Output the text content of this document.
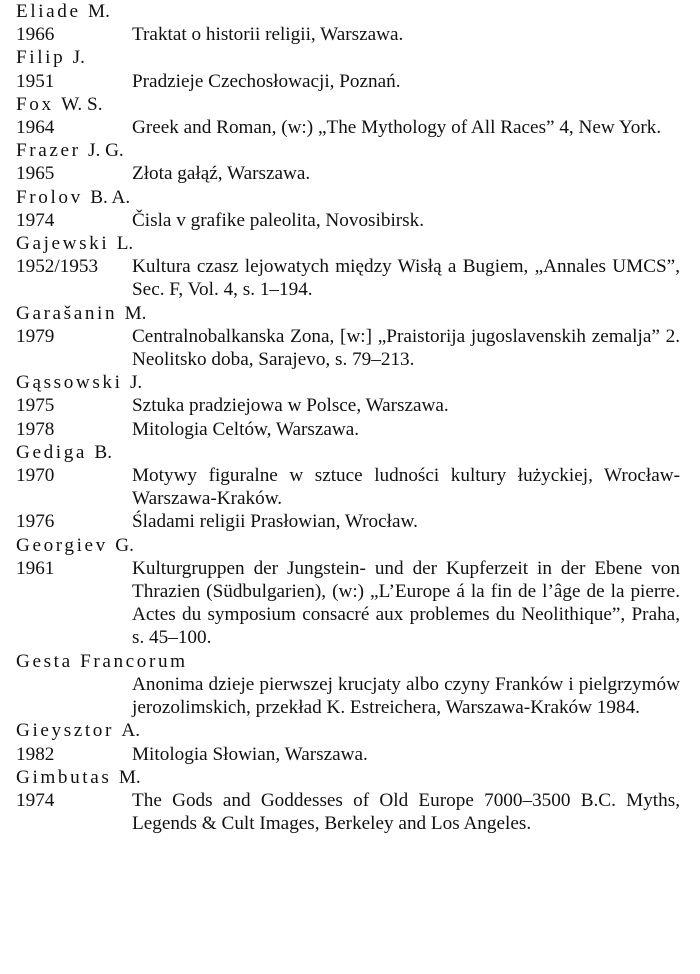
Eliade M.
1966	Traktat o historii religii, Warszawa.
Filip J.
1951	Pradzieje Czechosłowacji, Poznań.
Fox W. S.
1964	Greek and Roman, (w:) „The Mythology of All Races” 4, New York.
Frazer J. G.
1965	Złota gałąź, Warszawa.
Frolov B. A.
1974	Čisla v grafike paleolita, Novosibirsk.
Gajewski L.
1952/1953	Kultura czasz lejowatych między Wisłą a Bugiem, „Annales UMCS”, Sec. F, Vol. 4, s. 1–194.
Garašanin M.
1979	Centralnobalkanska Zona, [w:] „Praistorija jugoslavenskih zemalja” 2. Neolitsko doba, Sarajevo, s. 79–213.
Gąssowski J.
1975	Sztuka pradziejowa w Polsce, Warszawa.
1978	Mitologia Celtów, Warszawa.
Gediga B.
1970	Motywy figuralne w sztuce ludności kultury łużyckiej, Wrocław-Warszawa-Kraków.
1976	Śladami religii Prasłowian, Wrocław.
Georgiev G.
1961	Kulturgruppen der Jungstein- und der Kupferzeit in der Ebene von Thrazien (Südbulgarien), (w:) „L’Europe á la fin de l’âge de la pierre. Actes du symposium consacré aux problemes du Neolithique”, Praha, s. 45–100.
Gesta Francorum
Anonima dzieje pierwszej krucjaty albo czyny Franków i pielgrzymów jerozolimskich, przekład K. Estreichera, Warszawa-Kraków 1984.
Gieysztor A.
1982	Mitologia Słowian, Warszawa.
Gimbutas M.
1974	The Gods and Goddesses of Old Europe 7000–3500 B.C. Myths, Legends & Cult Images, Berkeley and Los Angeles.
